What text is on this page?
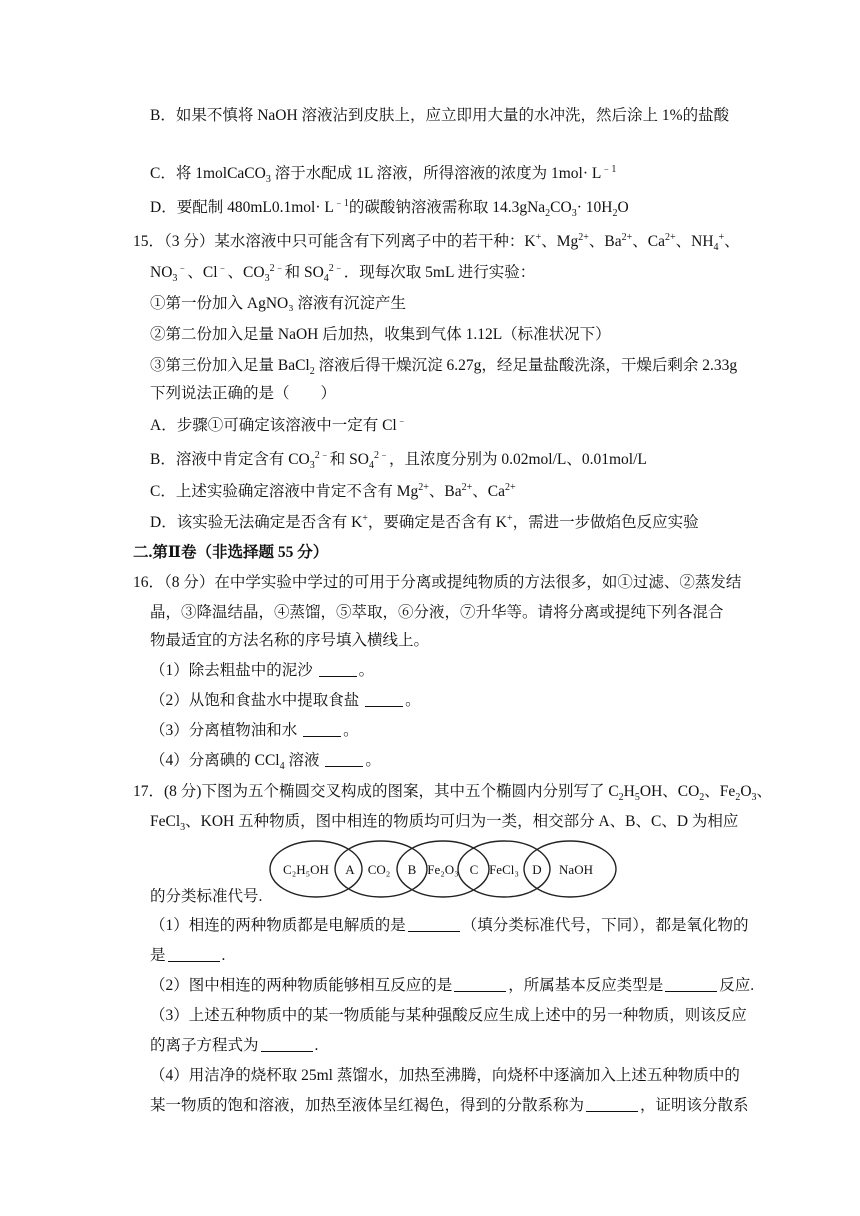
B．如果不慎将 NaOH 溶液沾到皮肤上，应立即用大量的水冲洗，然后涂上 1%的盐酸
C．将 1molCaCO$_3$ 溶于水配成 1L 溶液，所得溶液的浓度为 $1mol\cdot L^{﹣1}$
D．要配制 $480mL0.1mol\cdot L^{﹣1}$的碳酸钠溶液需称取 $14.3gNa_2CO_3\cdot 10H_2O$
15．（3 分）某水溶液中只可能含有下列离子中的若干种：K+、$Mg^{2+}$、$Ba^{2+}$、$Ca^{2+}$、$NH_4^+$、
$NO_3^﹣$、Cl﹣、$CO_3^{2﹣}$和 $SO_4^{2﹣}$．现每次取 5mL 进行实验：
①第一份加入 AgNO₃ 溶液有沉淀产生
②第二份加入足量 NaOH 后加热，收集到气体 1.12L（标准状况下）
③第三份加入足量 BaCl$_2$ 溶液后得干燥沉淀 6.27g，经足量盐酸洗涤，干燥后剩余 2.33g
下列说法正确的是（　　）
A．步骤①可确定该溶液中一定有 Cl﹣
B．溶液中肯定含有 $CO_3^{2﹣}$和 $SO_4^{2﹣}$，且浓度分别为 0.02mol/L、0.01mol/L
C．上述实验确定溶液中肯定不含有 $Mg^{2+}$、$Ba^{2+}$、$Ca^{2+}$
D．该实验无法确定是否含有 K+，要确定是否含有 K+，需进一步做焰色反应实验
二.第Ⅱ卷（非选择题 55 分）
16．（8 分）在中学实验中学过的可用于分离或提纯物质的方法很多，如①过滤、②蒸发结
晶，③降温结晶，④蒸馏，⑤萃取，⑥分液，⑦升华等。请将分离或提纯下列各混合
物最适宜的方法名称的序号填入横线上。
（1）除去粗盐中的泥沙	。
（2）从饱和食盐水中提取食盐	。
（3）分离植物油和水	。
（4）分离碘的 CCl$_4$ 溶液	。
17．(8 分)下图为五个椭圆交叉构成的图案，其中五个椭圆内分别写了 $C_2H_5OH$、$CO_2$、$Fe_2O_3$、
FeCl$_3$、KOH 五种物质，图中相连的物质均可归为一类，相交部分 A、B、C、D 为相应
C₂H₅OH	CO₂	Fe₂O₃ FeCl₃	NaOH
A	B	C	D
的分类标准代号.
（1）相连的两种物质都是电解质的是	（填分类标准代号，下同），都是氧化物的
是	.
（2）图中相连的两种物质能够相互反应的是	，所属基本反应类型是	反应.
（3）上述五种物质中的某一物质能与某种强酸反应生成上述中的另一种物质，则该反应
的离子方程式为	.
（4）用洁净的烧杯取 25ml 蒸馏水，加热至沸腾，向烧杯中逐滴加入上述五种物质中的
某一物质的饱和溶液，加热至液体呈红褐色，得到的分散系称为	，证明该分散系
